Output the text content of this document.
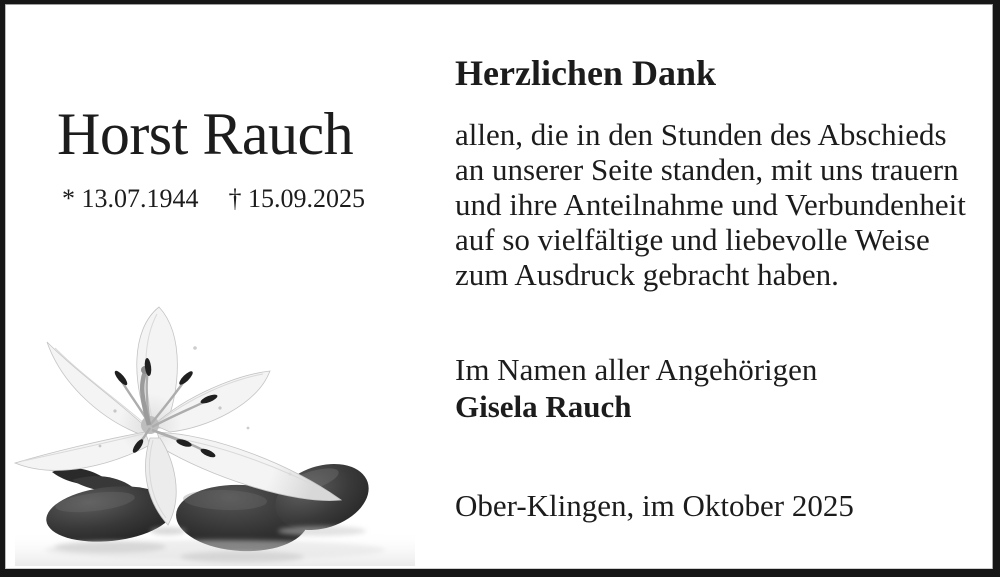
Horst Rauch
* 13.07.1944 † 15.09.2025
Herzlichen Dank
allen, die in den Stunden des Abschieds
an unserer Seite standen, mit uns trauern
und ihre Anteilnahme und Verbundenheit
auf so vielfältige und liebevolle Weise
zum Ausdruck gebracht haben.
Im Namen aller Angehörigen
Gisela Rauch
Ober-Klingen, im Oktober 2025
